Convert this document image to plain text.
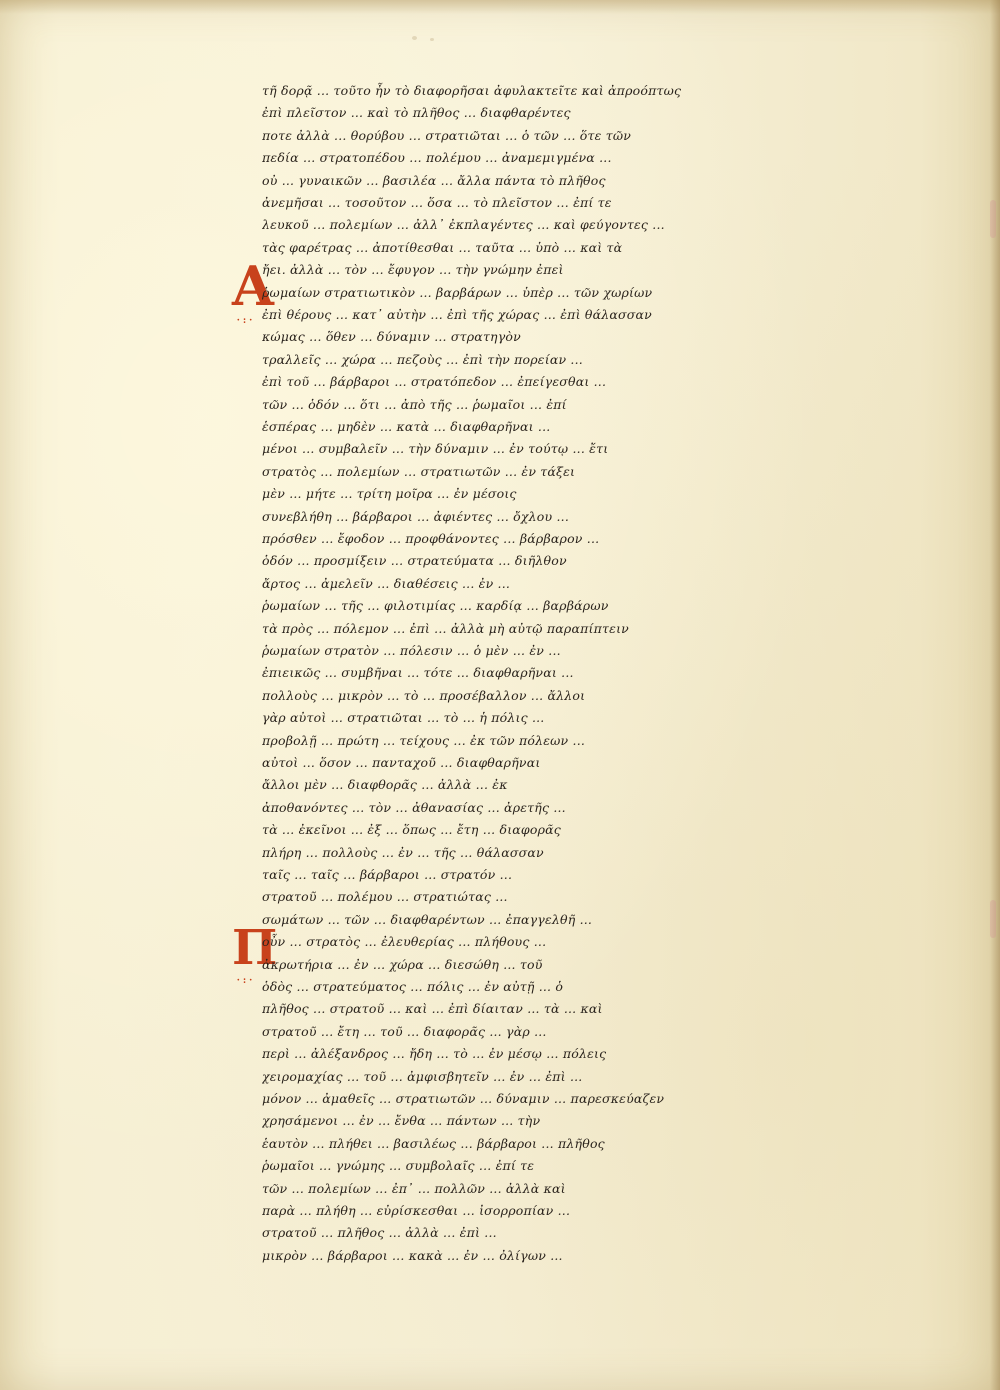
Α
·:·
Π
·:·
τῆ δορᾷ ... τοῦτο ἦν τὸ διαφορῆσαι ἀφυλακτεῖτε καὶ ἀπροόπτως
ἐπὶ πλεῖστον ... καὶ τὸ πλῆθος ... διαφθαρέντες
ποτε ἀλλὰ ... θορύβου ... στρατιῶται ... ὁ τῶν ... ὅτε τῶν
πεδία ... στρατοπέδου ... πολέμου ... ἀναμεμιγμένα ...
οὐ ... γυναικῶν ... βασιλέα ... ἄλλα πάντα τὸ πλῆθος
ἀνεμῆσαι ... τοσοῦτον ... ὅσα ... τὸ πλεῖστον ... ἐπί τε
λευκοῦ ... πολεμίων ... ἀλλ᾽ ἐκπλαγέντες ... καὶ φεύγοντες ...
τὰς φαρέτρας ... ἀποτίθεσθαι ... ταῦτα ... ὑπὸ ... καὶ τὰ
ἤει. ἀλλὰ ... τὸν ... ἔφυγον ... τὴν γνώμην ἐπεὶ
ῥωμαίων στρατιωτικὸν ... βαρβάρων ... ὑπὲρ ... τῶν χωρίων
ἐπὶ θέρους ... κατ᾽ αὐτὴν ... ἐπὶ τῆς χώρας ... ἐπὶ θάλασσαν
κώμας ... ὅθεν ... δύναμιν ... στρατηγὸν
τραλλεῖς ... χώρα ... πεζοὺς ... ἐπὶ τὴν πορείαν ...
ἐπὶ τοῦ ... βάρβαροι ... στρατόπεδον ... ἐπείγεσθαι ...
τῶν ... ὁδόν ... ὅτι ... ἀπὸ τῆς ... ῥωμαῖοι ... ἐπί
ἑσπέρας ... μηδὲν ... κατὰ ... διαφθαρῆναι ...
μένοι ... συμβαλεῖν ... τὴν δύναμιν ... ἐν τούτῳ ... ἔτι
στρατὸς ... πολεμίων ... στρατιωτῶν ... ἐν τάξει
μὲν ... μήτε ... τρίτη μοῖρα ... ἐν μέσοις
συνεβλήθη ... βάρβαροι ... ἀφιέντες ... ὄχλου ...
πρόσθεν ... ἔφοδον ... προφθάνοντες ... βάρβαρον ...
ὁδόν ... προσμίξειν ... στρατεύματα ... διῆλθον
ἄρτος ... ἀμελεῖν ... διαθέσεις ... ἐν ...
ῥωμαίων ... τῆς ... φιλοτιμίας ... καρδίᾳ ... βαρβάρων
τὰ πρὸς ... πόλεμον ... ἐπὶ ... ἀλλὰ μὴ αὐτῷ παραπίπτειν
ῥωμαίων στρατὸν ... πόλεσιν ... ὁ μὲν ... ἐν ...
ἐπιεικῶς ... συμβῆναι ... τότε ... διαφθαρῆναι ...
πολλοὺς ... μικρὸν ... τὸ ... προσέβαλλον ... ἄλλοι
γὰρ αὐτοὶ ... στρατιῶται ... τὸ ... ἡ πόλις ...
προβολῇ ... πρώτη ... τείχους ... ἐκ τῶν πόλεων ...
αὐτοὶ ... ὅσον ... πανταχοῦ ... διαφθαρῆναι
ἄλλοι μὲν ... διαφθορᾶς ... ἀλλὰ ... ἐκ
ἀποθανόντες ... τὸν ... ἀθανασίας ... ἀρετῆς ...
τὰ ... ἐκεῖνοι ... ἐξ ... ὅπως ... ἔτη ... διαφορᾶς
πλήρη ... πολλοὺς ... ἐν ... τῆς ... θάλασσαν
ταῖς ... ταῖς ... βάρβαροι ... στρατόν ...
στρατοῦ ... πολέμου ... στρατιώτας ...
σωμάτων ... τῶν ... διαφθαρέντων ... ἐπαγγελθῆ ...
οὖν ... στρατὸς ... ἐλευθερίας ... πλήθους ...
ἀκρωτήρια ... ἐν ... χώρα ... διεσώθη ... τοῦ
ὁδὸς ... στρατεύματος ... πόλις ... ἐν αὐτῇ ... ὁ
πλῆθος ... στρατοῦ ... καὶ ... ἐπὶ δίαιταν ... τὰ ... καὶ
στρατοῦ ... ἔτη ... τοῦ ... διαφορᾶς ... γὰρ ...
περὶ ... ἀλέξανδρος ... ἤδη ... τὸ ... ἐν μέσῳ ... πόλεις
χειρομαχίας ... τοῦ ... ἀμφισβητεῖν ... ἐν ... ἐπὶ ...
μόνον ... ἀμαθεῖς ... στρατιωτῶν ... δύναμιν ... παρεσκεύαζεν
χρησάμενοι ... ἐν ... ἔνθα ... πάντων ... τὴν
ἑαυτὸν ... πλήθει ... βασιλέως ... βάρβαροι ... πλῆθος
ῥωμαῖοι ... γνώμης ... συμβολαῖς ... ἐπί τε
τῶν ... πολεμίων ... ἐπ᾽ ... πολλῶν ... ἀλλὰ καὶ
παρὰ ... πλήθη ... εὐρίσκεσθαι ... ἰσορροπίαν ...
στρατοῦ ... πλῆθος ... ἀλλὰ ... ἐπὶ ...
μικρὸν ... βάρβαροι ... κακὰ ... ἐν ... ὀλίγων ...
